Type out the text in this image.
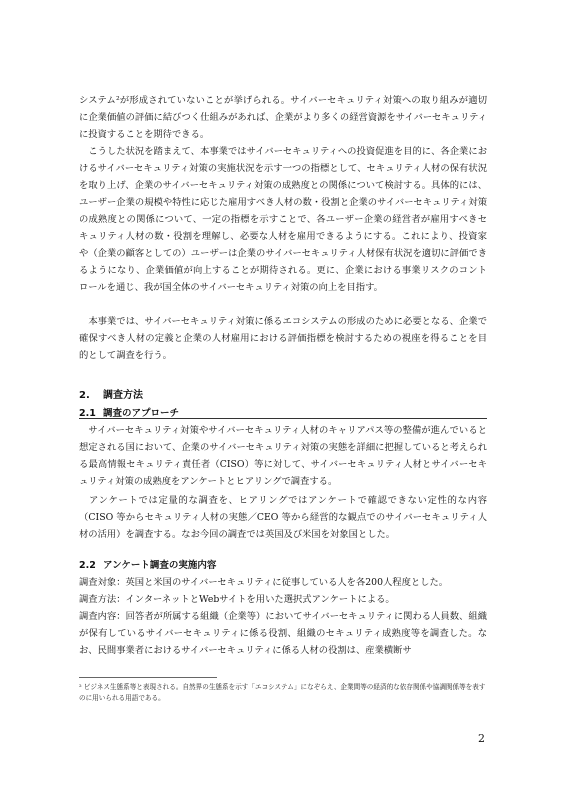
システム²が形成されていないことが挙げられる。サイバーセキュリティ対策への取り組みが適切に企業価値の評価に結びつく仕組みがあれば、企業がより多くの経営資源をサイバーセキュリティに投資することを期待できる。

　こうした状況を踏まえて、本事業ではサイバーセキュリティへの投資促進を目的に、各企業におけるサイバーセキュリティ対策の実施状況を示す一つの指標として、セキュリティ人材の保有状況を取り上げ、企業のサイバーセキュリティ対策の成熟度との関係について検討する。具体的には、ユーザー企業の規模や特性に応じた雇用すべき人材の数・役割と企業のサイバーセキュリティ対策の成熟度との関係について、一定の指標を示すことで、各ユーザー企業の経営者が雇用すべきセキュリティ人材の数・役割を理解し、必要な人材を雇用できるようにする。これにより、投資家や（企業の顧客としての）ユーザーは企業のサイバーセキュリティ人材保有状況を適切に評価できるようになり、企業価値が向上することが期待される。更に、企業における事業リスクのコントロールを通じ、我が国全体のサイバーセキュリティ対策の向上を目指す。

　本事業では、サイバーセキュリティ対策に係るエコシステムの形成のために必要となる、企業で確保すべき人材の定義と企業の人材雇用における評価指標を検討するための視座を得ることを目的として調査を行う。

2. 調査方法
2.1 調査のアプローチ

　サイバーセキュリティ対策やサイバーセキュリティ人材のキャリアパス等の整備が進んでいると想定される国において、企業のサイバーセキュリティ対策の実態を詳細に把握していると考えられる最高情報セキュリティ責任者（CISO）等に対して、サイバーセキュリティ人材とサイバーセキュリティ対策の成熟度をアンケートとヒアリングで調査する。

　アンケートでは定量的な調査を、ヒアリングではアンケートで確認できない定性的な内容（CISO 等からセキュリティ人材の実態／CEO 等から経営的な観点でのサイバーセキュリティ人材の活用）を調査する。なお今回の調査では英国及び米国を対象国とした。

2.2 アンケート調査の実施内容

調査対象：英国と米国のサイバーセキュリティに従事している人を各200人程度とした。

調査方法：インターネットとWebサイトを用いた選択式アンケートによる。

調査内容：回答者が所属する組織（企業等）においてサイバーセキュリティに関わる人員数、組織が保有しているサイバーセキュリティに係る役割、組織のセキュリティ成熟度等を調査した。なお、民間事業者におけるサイバーセキュリティに係る人材の役割は、産業横断サ

² ビジネス生態系等と表現される。自然界の生態系を示す「エコシステム」になぞらえ、企業間等の経済的な依存関係や協調関係等を表すのに用いられる用語である。

2
